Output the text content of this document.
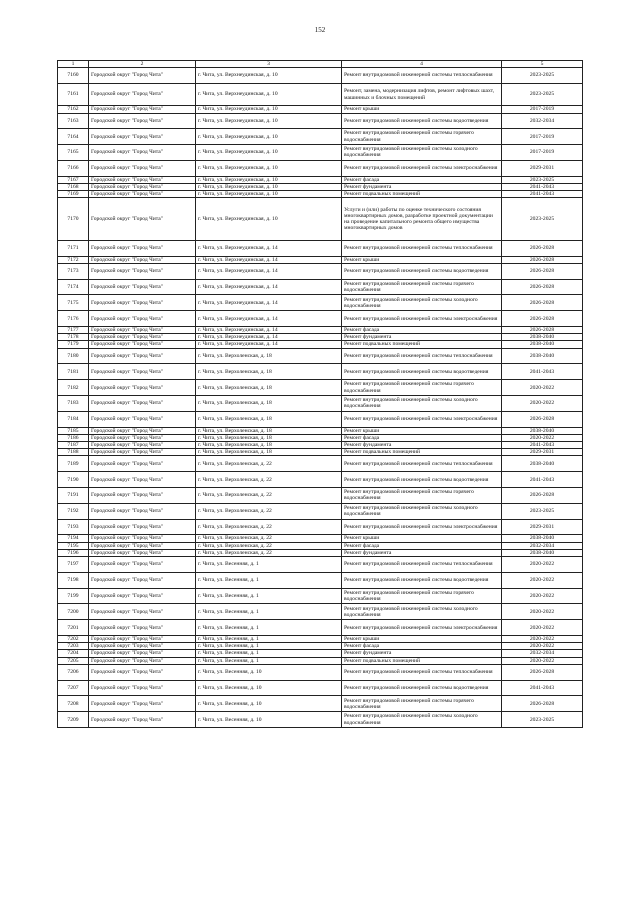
152
1	2	3	4	5
7160	Городской округ "Город Чита"	г. Чита, ул. Верхнеудинская, д. 10	Ремонт внутридомовой инженерной системы теплоснабжения	2023-2025
7161	Городской округ "Город Чита"	г. Чита, ул. Верхнеудинская, д. 10	Ремонт, замена, модернизация лифтов, ремонт лифтовых шахт, машинных и блочных помещений	2023-2025
7162	Городской округ "Город Чита"	г. Чита, ул. Верхнеудинская, д. 10	Ремонт крыши	2017-2019
7163	Городской округ "Город Чита"	г. Чита, ул. Верхнеудинская, д. 10	Ремонт внутридомовой инженерной системы водоотведения	2032-2034
7164	Городской округ "Город Чита"	г. Чита, ул. Верхнеудинская, д. 10	Ремонт внутридомовой инженерной системы горячего водоснабжения	2017-2019
7165	Городской округ "Город Чита"	г. Чита, ул. Верхнеудинская, д. 10	Ремонт внутридомовой инженерной системы холодного водоснабжения	2017-2019
7166	Городской округ "Город Чита"	г. Чита, ул. Верхнеудинская, д. 10	Ремонт внутридомовой инженерной системы электроснабжения	2029-2031
7167	Городской округ "Город Чита"	г. Чита, ул. Верхнеудинская, д. 10	Ремонт фасада	2023-2025
7168	Городской округ "Город Чита"	г. Чита, ул. Верхнеудинская, д. 10	Ремонт фундамента	2041-2043
7169	Городской округ "Город Чита"	г. Чита, ул. Верхнеудинская, д. 10	Ремонт подвальных помещений	2041-2043
7170	Городской округ "Город Чита"	г. Чита, ул. Верхнеудинская, д. 10	Услуги и (или) работы по оценке технического состояния многоквартирных домов, разработке проектной документации на проведение капитального ремонта общего имущества многоквартирных домов	2023-2025
7171	Городской округ "Город Чита"	г. Чита, ул. Верхнеудинская, д. 14	Ремонт внутридомовой инженерной системы теплоснабжения	2026-2028
7172	Городской округ "Город Чита"	г. Чита, ул. Верхнеудинская, д. 14	Ремонт крыши	2026-2028
7173	Городской округ "Город Чита"	г. Чита, ул. Верхнеудинская, д. 14	Ремонт внутридомовой инженерной системы водоотведения	2026-2028
7174	Городской округ "Город Чита"	г. Чита, ул. Верхнеудинская, д. 14	Ремонт внутридомовой инженерной системы горячего водоснабжения	2026-2028
7175	Городской округ "Город Чита"	г. Чита, ул. Верхнеудинская, д. 14	Ремонт внутридомовой инженерной системы холодного водоснабжения	2026-2028
7176	Городской округ "Город Чита"	г. Чита, ул. Верхнеудинская, д. 14	Ремонт внутридомовой инженерной системы электроснабжения	2026-2028
7177	Городской округ "Город Чита"	г. Чита, ул. Верхнеудинская, д. 14	Ремонт фасада	2026-2028
7178	Городской округ "Город Чита"	г. Чита, ул. Верхнеудинская, д. 14	Ремонт фундамента	2038-2040
7179	Городской округ "Город Чита"	г. Чита, ул. Верхнеудинская, д. 14	Ремонт подвальных помещений	2038-2040
7180	Городской округ "Город Чита"	г. Чита, ул. Верхоленская, д. 18	Ремонт внутридомовой инженерной системы теплоснабжения	2038-2040
7181	Городской округ "Город Чита"	г. Чита, ул. Верхоленская, д. 18	Ремонт внутридомовой инженерной системы водоотведения	2041-2043
7182	Городской округ "Город Чита"	г. Чита, ул. Верхоленская, д. 18	Ремонт внутридомовой инженерной системы горячего водоснабжения	2020-2022
7183	Городской округ "Город Чита"	г. Чита, ул. Верхоленская, д. 18	Ремонт внутридомовой инженерной системы холодного водоснабжения	2020-2022
7184	Городской округ "Город Чита"	г. Чита, ул. Верхоленская, д. 18	Ремонт внутридомовой инженерной системы электроснабжения	2026-2028
7185	Городской округ "Город Чита"	г. Чита, ул. Верхоленская, д. 18	Ремонт крыши	2038-2040
7186	Городской округ "Город Чита"	г. Чита, ул. Верхоленская, д. 18	Ремонт фасада	2020-2022
7187	Городской округ "Город Чита"	г. Чита, ул. Верхоленская, д. 18	Ремонт фундамента	2041-2043
7188	Городской округ "Город Чита"	г. Чита, ул. Верхоленская, д. 18	Ремонт подвальных помещений	2029-2031
7189	Городской округ "Город Чита"	г. Чита, ул. Верхоленская, д. 22	Ремонт внутридомовой инженерной системы теплоснабжения	2038-2040
7190	Городской округ "Город Чита"	г. Чита, ул. Верхоленская, д. 22	Ремонт внутридомовой инженерной системы водоотведения	2041-2043
7191	Городской округ "Город Чита"	г. Чита, ул. Верхоленская, д. 22	Ремонт внутридомовой инженерной системы горячего водоснабжения	2026-2028
7192	Городской округ "Город Чита"	г. Чита, ул. Верхоленская, д. 22	Ремонт внутридомовой инженерной системы холодного водоснабжения	2023-2025
7193	Городской округ "Город Чита"	г. Чита, ул. Верхоленская, д. 22	Ремонт внутридомовой инженерной системы электроснабжения	2029-2031
7194	Городской округ "Город Чита"	г. Чита, ул. Верхоленская, д. 22	Ремонт крыши	2038-2040
7195	Городской округ "Город Чита"	г. Чита, ул. Верхоленская, д. 22	Ремонт фасада	2032-2034
7196	Городской округ "Город Чита"	г. Чита, ул. Верхоленская, д. 22	Ремонт фундамента	2038-2040
7197	Городской округ "Город Чита"	г. Чита, ул. Весенняя, д. 1	Ремонт внутридомовой инженерной системы теплоснабжения	2020-2022
7198	Городской округ "Город Чита"	г. Чита, ул. Весенняя, д. 1	Ремонт внутридомовой инженерной системы водоотведения	2020-2022
7199	Городской округ "Город Чита"	г. Чита, ул. Весенняя, д. 1	Ремонт внутридомовой инженерной системы горячего водоснабжения	2020-2022
7200	Городской округ "Город Чита"	г. Чита, ул. Весенняя, д. 1	Ремонт внутридомовой инженерной системы холодного водоснабжения	2020-2022
7201	Городской округ "Город Чита"	г. Чита, ул. Весенняя, д. 1	Ремонт внутридомовой инженерной системы электроснабжения	2020-2022
7202	Городской округ "Город Чита"	г. Чита, ул. Весенняя, д. 1	Ремонт крыши	2020-2022
7203	Городской округ "Город Чита"	г. Чита, ул. Весенняя, д. 1	Ремонт фасада	2020-2022
7204	Городской округ "Город Чита"	г. Чита, ул. Весенняя, д. 1	Ремонт фундамента	2032-2034
7205	Городской округ "Город Чита"	г. Чита, ул. Весенняя, д. 1	Ремонт подвальных помещений	2020-2022
7206	Городской округ "Город Чита"	г. Чита, ул. Весенняя, д. 10	Ремонт внутридомовой инженерной системы теплоснабжения	2026-2028
7207	Городской округ "Город Чита"	г. Чита, ул. Весенняя, д. 10	Ремонт внутридомовой инженерной системы водоотведения	2041-2043
7208	Городской округ "Город Чита"	г. Чита, ул. Весенняя, д. 10	Ремонт внутридомовой инженерной системы горячего водоснабжения	2026-2028
7209	Городской округ "Город Чита"	г. Чита, ул. Весенняя, д. 10	Ремонт внутридомовой инженерной системы холодного водоснабжения	2023-2025
